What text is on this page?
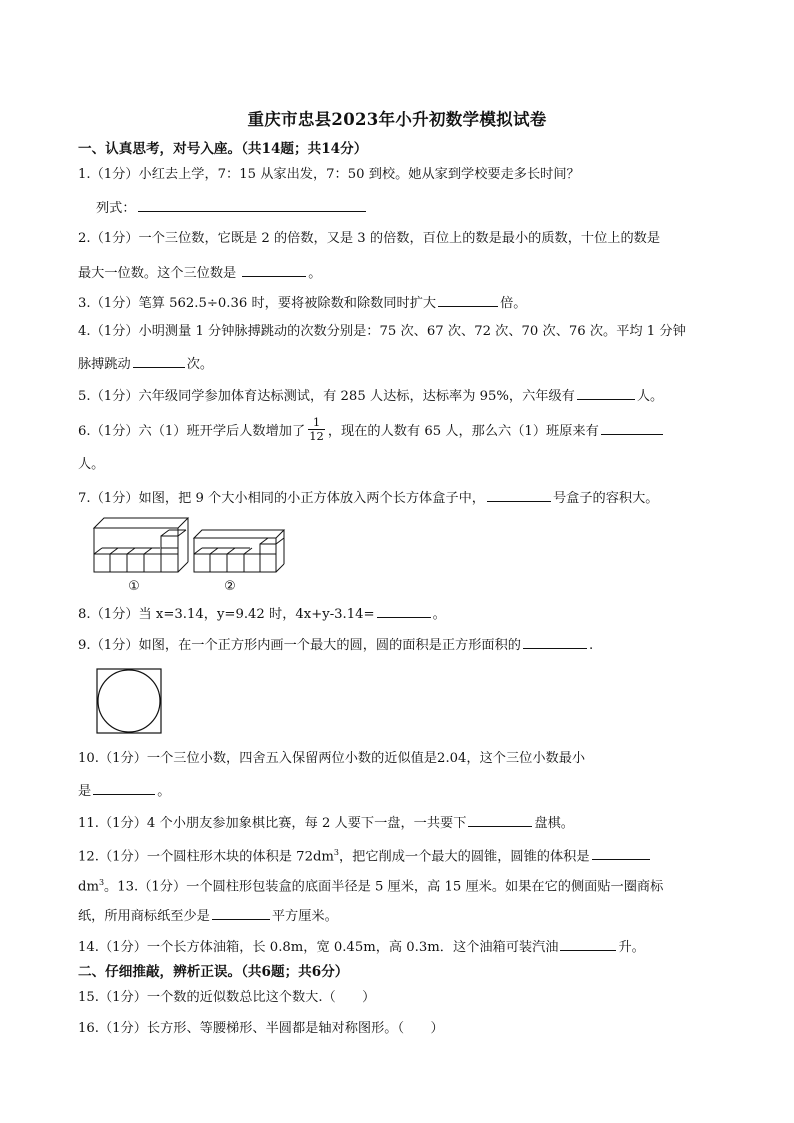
重庆市忠县2023年小升初数学模拟试卷
一、认真思考，对号入座。（共14题；共14分）
1.（1分）小红去上学，7：15 从家出发，7：50 到校。她从家到学校要走多长时间？
列式：
2.（1分）一个三位数，它既是 2 的倍数，又是 3 的倍数，百位上的数是最小的质数，十位上的数是
最大一位数。这个三位数是	。
3.（1分）笔算 562.5÷0.36 时，要将被除数和除数同时扩大	倍。
4.（1分）小明测量 1 分钟脉搏跳动的次数分别是：75 次、67 次、72 次、70 次、76 次。平均 1 分钟
脉搏跳动	次。
5.（1分）六年级同学参加体育达标测试，有 285 人达标，达标率为 95%，六年级有	人。
6.（1分）六（1）班开学后人数增加了 $\frac{1}{12}$ ，现在的人数有 65 人，那么六（1）班原来有
人。
7.（1分）如图，把 9 个大小相同的小正方体放入两个长方体盒子中，	号盒子的容积大。
①	②
8.（1分）当 x=3.14，y=9.42 时，4x+y-3.14=	。
9.（1分）如图，在一个正方形内画一个最大的圆，圆的面积是正方形面积的	.
10.（1分）一个三位小数，四舍五入保留两位小数的近似值是2.04，这个三位小数最小
是	。
11.（1分）4 个小朋友参加象棋比赛，每 2 人要下一盘，一共要下	盘棋。
12.（1分）一个圆柱形木块的体积是 $72dm^3$，把它削成一个最大的圆锥，圆锥的体积是
$dm^3$。13.（1分）一个圆柱形包装盒的底面半径是 5 厘米，高 15 厘米。如果在它的侧面贴一圈商标
纸，所用商标纸至少是	平方厘米。
14.（1分）一个长方体油箱，长 0.8m，宽 0.45m，高 0.3m．这个油箱可装汽油	升。
二、仔细推敲，辨析正误。（共6题；共6分）
15.（1分）一个数的近似数总比这个数大.（　　）
16.（1分）长方形、等腰梯形、半圆都是轴对称图形。（　　）
